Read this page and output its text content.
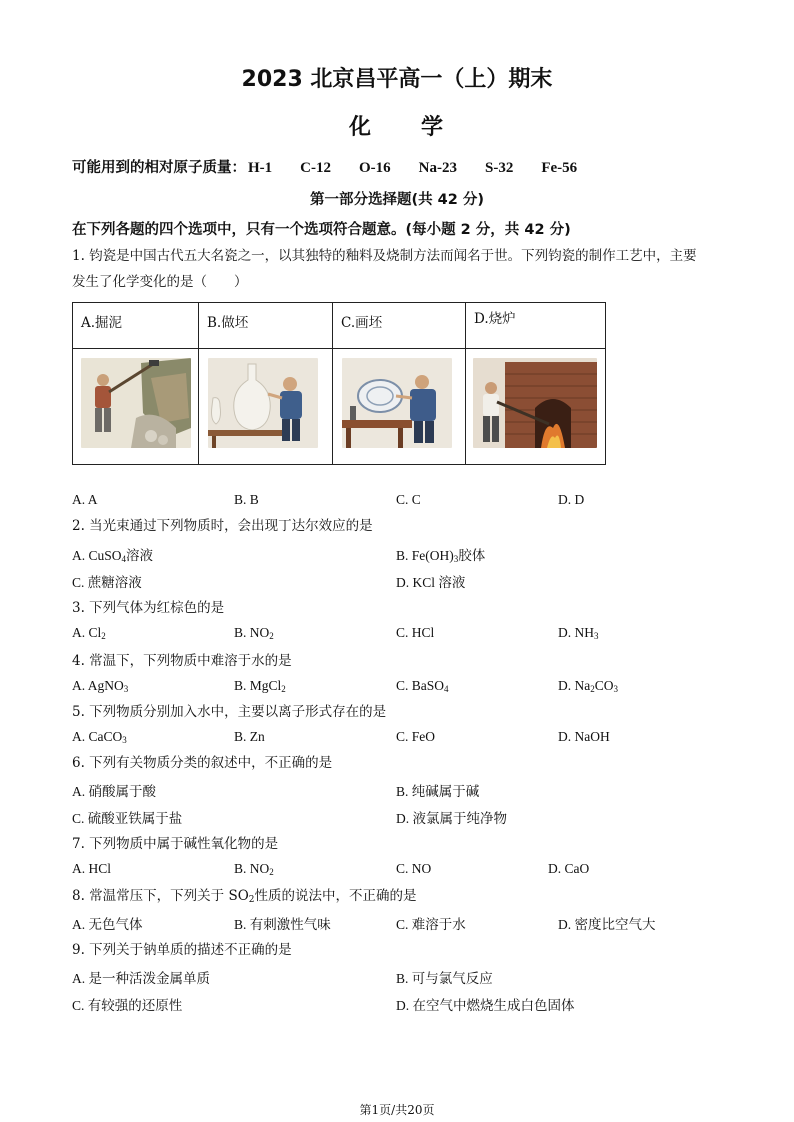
2023 北京昌平高一（上）期末
化 学
可能用到的相对原子质量： H-1 C-12 O-16 Na-23 S-32 Fe-56
第一部分选择题(共 42 分)
在下列各题的四个选项中，只有一个选项符合题意。(每小题 2 分，共 42 分)
1. 钧瓷是中国古代五大名瓷之一，以其独特的釉料及烧制方法而闻名于世。下列钧瓷的制作工艺中，主要
发生了化学变化的是（　　）
A.掘泥	B.做坯	C.画坯	D.烧炉

A. A	B. B	C. C	D. D
2. 当光束通过下列物质时，会出现丁达尔效应的是
A. CuSO$_4$溶液	B. $Fe(OH)_3$胶体
C. 蔗糖溶液	D. KCl 溶液
3. 下列气体为红棕色的是
A. $Cl_2$	B. $NO_2$	C. HCl	D. $NH_3$
4. 常温下，下列物质中难溶于水的是
A. AgNO$_3$	B. MgCl$_2$	C. BaSO$_4$	D. $Na_2CO_3$
5. 下列物质分别加入水中，主要以离子形式存在的是
A. CaCO$_3$	B. Zn	C. FeO	D. NaOH
6. 下列有关物质分类的叙述中，不正确的是
A. 硝酸属于酸	B. 纯碱属于碱
C. 硫酸亚铁属于盐	D. 液氯属于纯净物
7. 下列物质中属于碱性氧化物的是
A. HCl	B. $NO_2$	C. NO	D. CaO
8. 常温常压下，下列关于 $SO_2$性质的说法中，不正确的是
A. 无色气体	B. 有刺激性气味	C. 难溶于水	D. 密度比空气大
9. 下列关于钠单质的描述不正确的是
A. 是一种活泼金属单质	B. 可与氯气反应
C. 有较强的还原性	D. 在空气中燃烧生成白色固体
第1页/共20页
